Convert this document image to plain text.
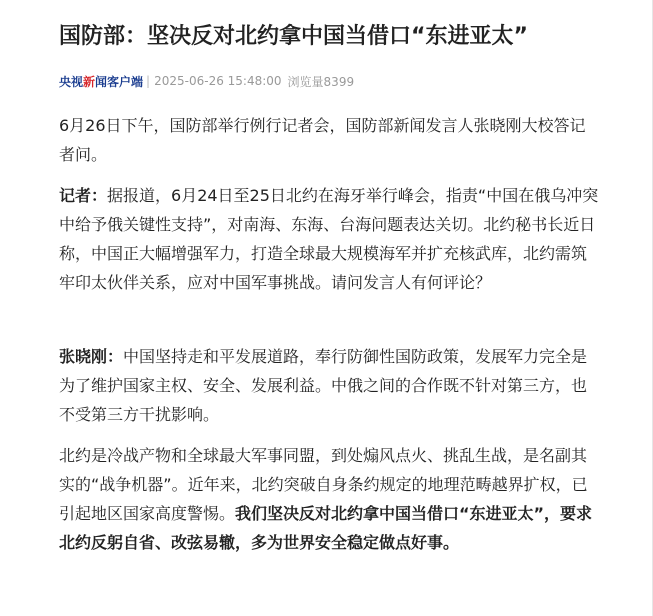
国防部：坚决反对北约拿中国当借口“东进亚太”
央视新闻客户端 | 2025-06-26 15:48:00 浏览量8399

6月26日下午，国防部举行例行记者会，国防部新闻发言人张晓刚大校答记者问。

记者：据报道，6月24日至25日北约在海牙举行峰会，指责“中国在俄乌冲突中给予俄关键性支持”，对南海、东海、台海问题表达关切。北约秘书长近日称，中国正大幅增强军力，打造全球最大规模海军并扩充核武库，北约需筑牢印太伙伴关系，应对中国军事挑战。请问发言人有何评论？

张晓刚：中国坚持走和平发展道路，奉行防御性国防政策，发展军力完全是为了维护国家主权、安全、发展利益。中俄之间的合作既不针对第三方，也不受第三方干扰影响。

北约是冷战产物和全球最大军事同盟，到处煽风点火、挑乱生战，是名副其实的“战争机器”。近年来，北约突破自身条约规定的地理范畴越界扩权，已引起地区国家高度警惕。我们坚决反对北约拿中国当借口“东进亚太”，要求北约反躬自省、改弦易辙，多为世界安全稳定做点好事。
